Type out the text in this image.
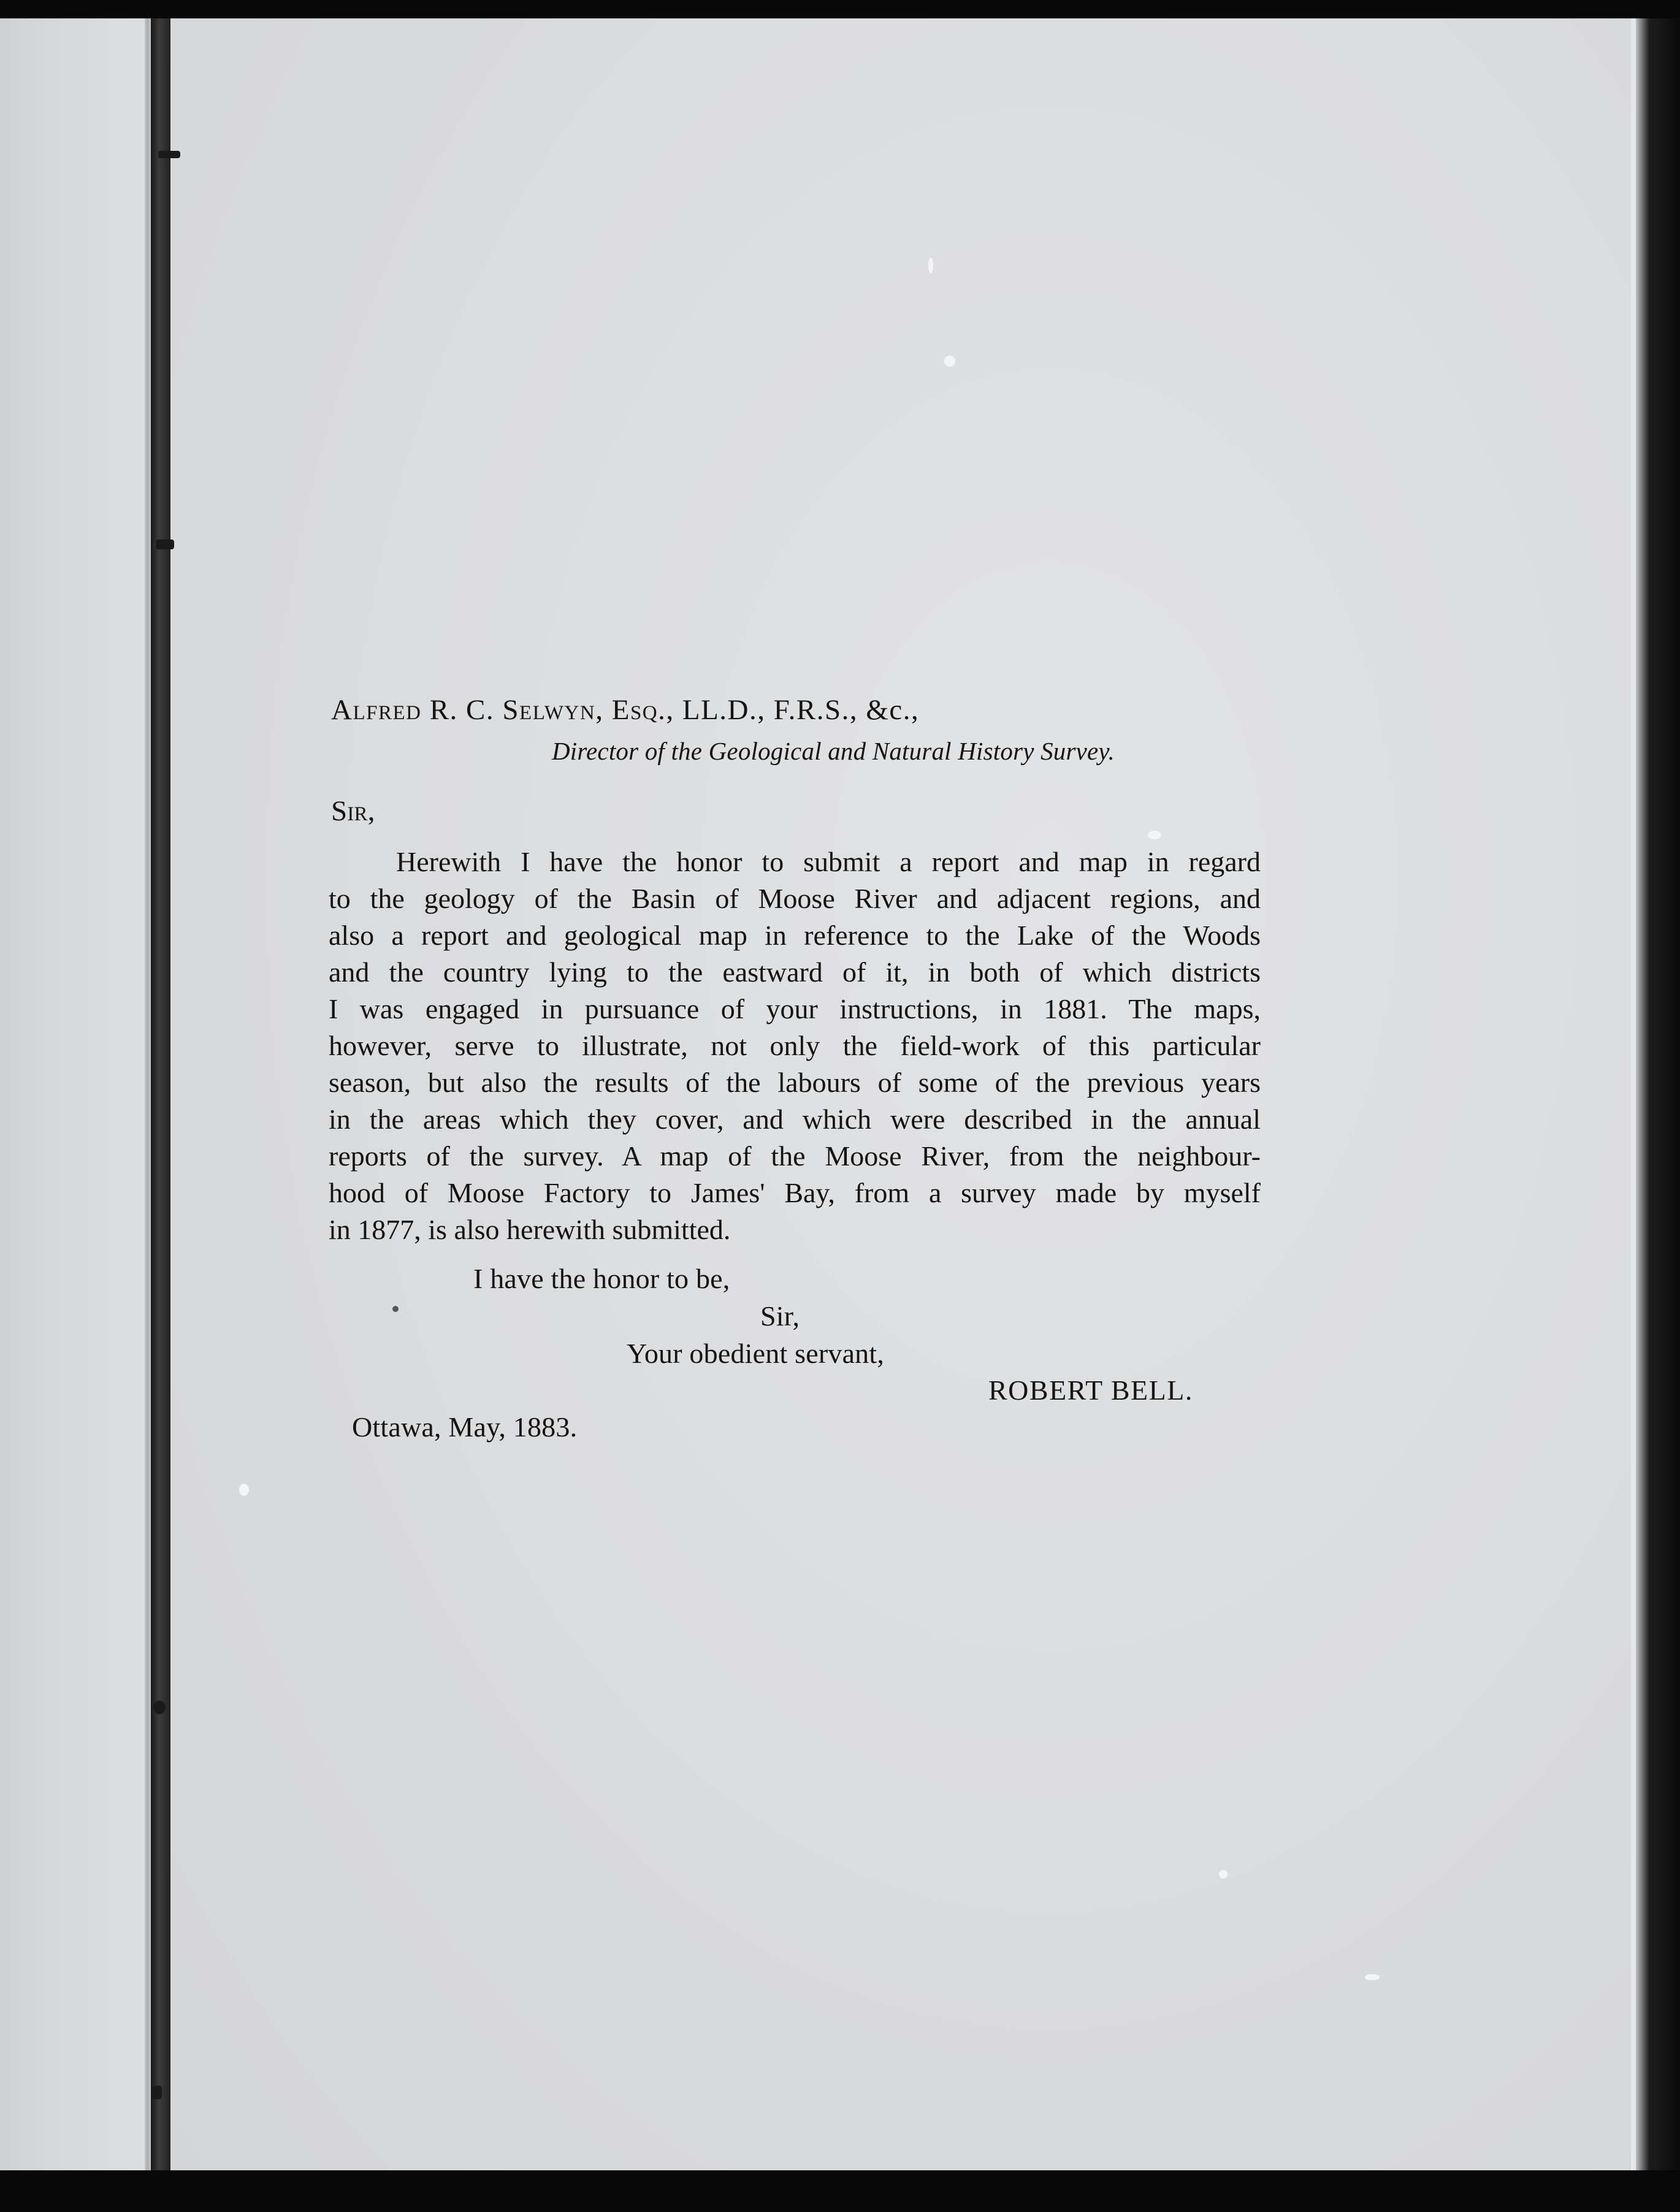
Alfred R. C. Selwyn, Esq., LL.D., F.R.S., &c.,
Director of the Geological and Natural History Survey.
Sir,
Herewith I have the honor to submit a report and map in regard
to the geology of the Basin of Moose River and adjacent regions, and
also a report and geological map in reference to the Lake of the Woods
and the country lying to the eastward of it, in both of which districts
I was engaged in pursuance of your instructions, in 1881. The maps,
however, serve to illustrate, not only the field-work of this particular
season, but also the results of the labours of some of the previous years
in the areas which they cover, and which were described in the annual
reports of the survey. A map of the Moose River, from the neighbour-
hood of Moose Factory to James' Bay, from a survey made by myself
in 1877, is also herewith submitted.
I have the honor to be,
Sir,
Your obedient servant,
ROBERT BELL.
Ottawa, May, 1883.
